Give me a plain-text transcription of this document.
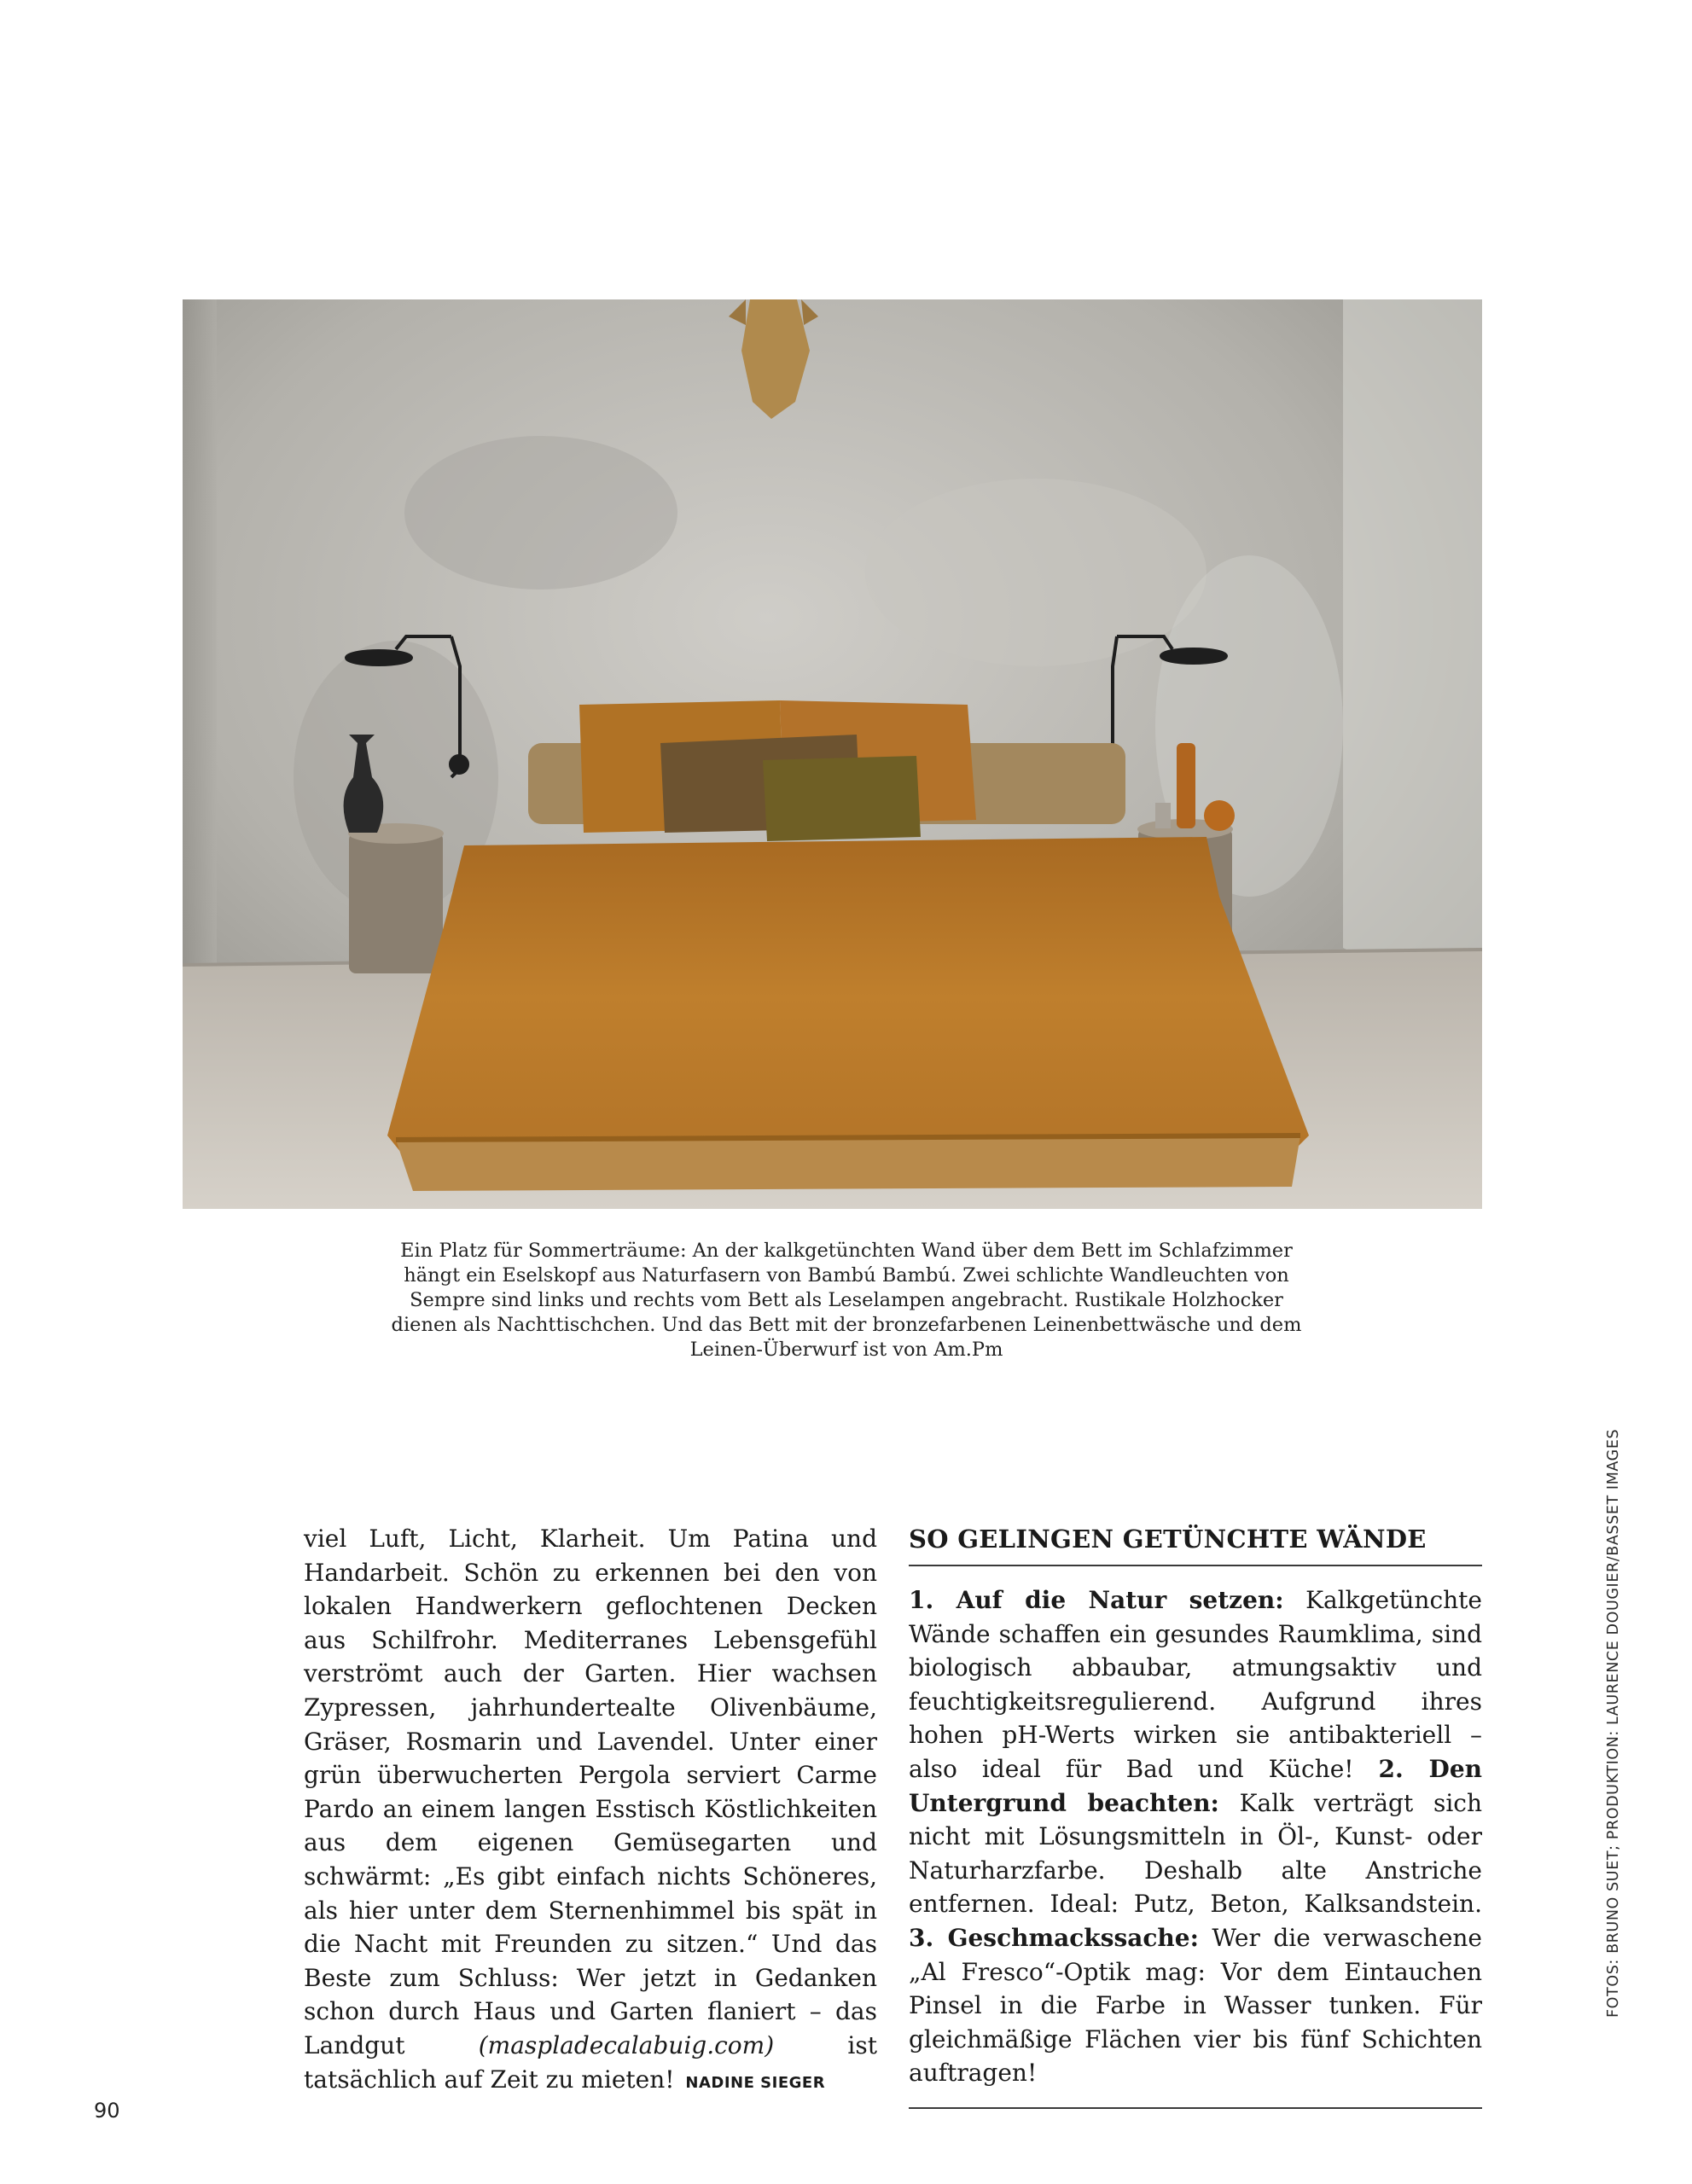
Ein Platz für Sommerträume: An der kalkgetünchten Wand über dem Bett im Schlafzimmer hängt ein Eselskopf aus Naturfasern von Bambú Bambú. Zwei schlichte Wandleuchten von Sempre sind links und rechts vom Bett als Leselampen angebracht. Rustikale Holzhocker dienen als Nachttischchen. Und das Bett mit der bronzefarbenen Leinenbettwäsche und dem Leinen-Überwurf ist von Am.Pm
viel Luft, Licht, Klarheit. Um Patina und Handarbeit. Schön zu erkennen bei den von lokalen Handwerkern geflochtenen Decken aus Schilfrohr. Mediterranes Lebensgefühl verströmt auch der Garten. Hier wachsen Zypressen, jahrhundertealte Olivenbäume, Gräser, Rosmarin und Lavendel. Unter einer grün überwucherten Pergola serviert Carme Pardo an einem langen Esstisch Köstlichkeiten aus dem eigenen Gemüsegarten und schwärmt: „Es gibt einfach nichts Schöneres, als hier unter dem Sternenhimmel bis spät in die Nacht mit Freunden zu sitzen.“ Und das Beste zum Schluss: Wer jetzt in Gedanken schon durch Haus und Garten flaniert – das Landgut (maspladecalabuig.com) ist tatsächlich auf Zeit zu mieten! NADINE SIEGER
SO GELINGEN GETÜNCHTE WÄNDE
1. Auf die Natur setzen: Kalkgetünchte Wände schaffen ein gesundes Raumklima, sind biologisch abbaubar, atmungsaktiv und feuchtigkeitsregulierend. Aufgrund ihres hohen pH-Werts wirken sie antibakteriell – also ideal für Bad und Küche! 2. Den Untergrund beachten: Kalk verträgt sich nicht mit Lösungsmitteln in Öl-, Kunst- oder Naturharzfarbe. Deshalb alte Anstriche entfernen. Ideal: Putz, Beton, Kalksandstein. 3. Geschmackssache: Wer die verwaschene „Al Fresco“-Optik mag: Vor dem Eintauchen Pinsel in die Farbe in Wasser tunken. Für gleichmäßige Flächen vier bis fünf Schichten auftragen!
FOTOS: BRUNO SUET; PRODUKTION: LAURENCE DOUGIER/BASSET IMAGES
90
